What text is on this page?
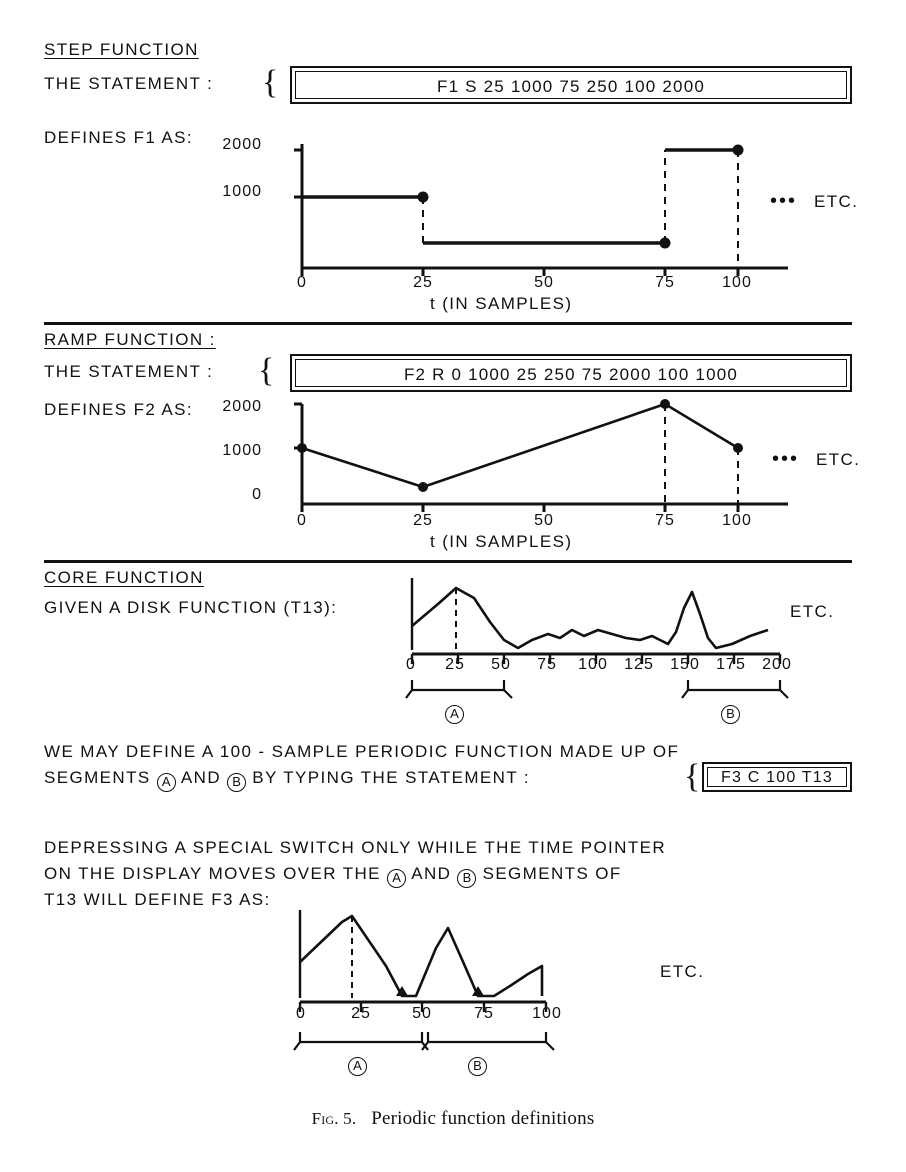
STEP FUNCTION
THE STATEMENT : {	F1 S 25 1000 75 250 100 2000
DEFINES F1 AS:	2000
1000
0	25	50	75	100
••• ETC.
t (IN SAMPLES)
RAMP FUNCTION :
THE STATEMENT : {	F2 R 0 1000 25 250 75 2000 100 1000
DEFINES F2 AS:	2000
1000
0
0	25	50	75	100
••• ETC.
t (IN SAMPLES)
CORE FUNCTION
GIVEN A DISK FUNCTION (T13):	ETC.
0	25	50	75	100 125 150 175 200
A	B
WE MAY DEFINE A 100 - SAMPLE PERIODIC FUNCTION MADE UP OF
SEGMENTS A AND B BY TYPING THE STATEMENT :	{	F3 C 100 T13
DEPRESSING A SPECIAL SWITCH ONLY WHILE THE TIME POINTER
ON THE DISPLAY MOVES OVER THE A AND B SEGMENTS OF
T13 WILL DEFINE F3 AS:
ETC.
0	25	50	75	100
A	B
Fig. 5. Periodic function definitions
